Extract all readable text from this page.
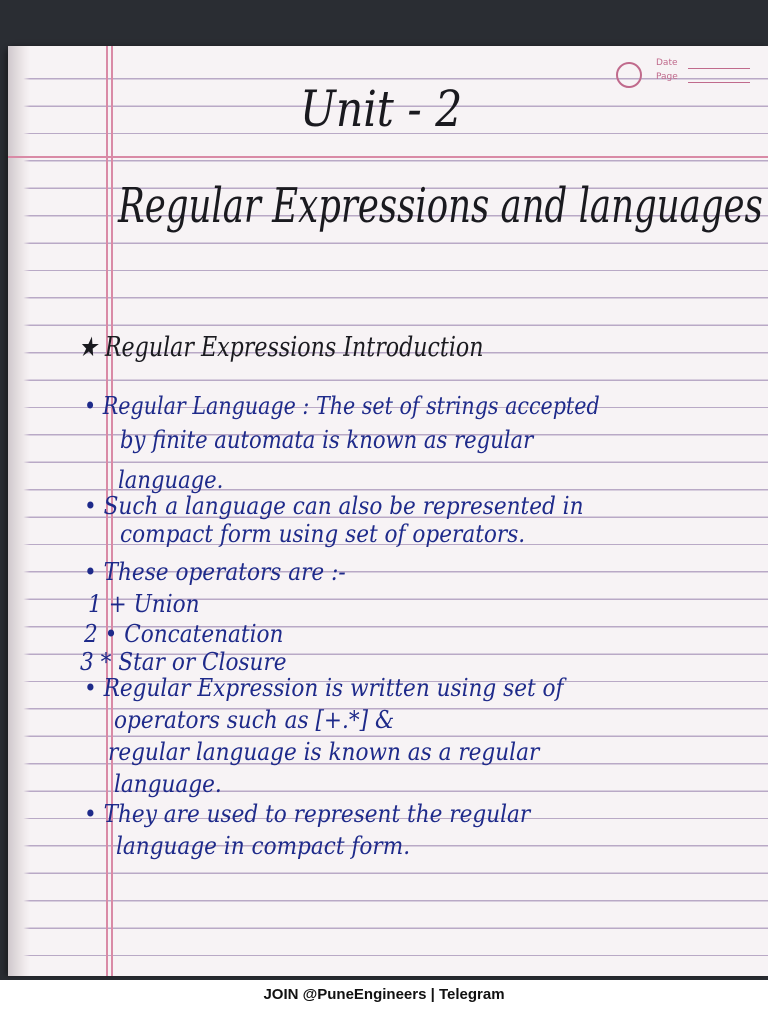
Date
Page
Unit - 2
Regular Expressions and languages
★ Regular Expressions Introduction
• Regular Language : The set of strings accepted
by finite automata is known as regular
language.
• Such a language can also be represented in
compact form using set of operators.
• These operators are :-
1 + Union
2 • Concatenation
3 * Star or Closure
• Regular Expression is written using set of
operators such as [+.*] &
regular language is known as a regular
language.
• They are used to represent the regular
language in compact form.
JOIN @PuneEngineers | Telegram
